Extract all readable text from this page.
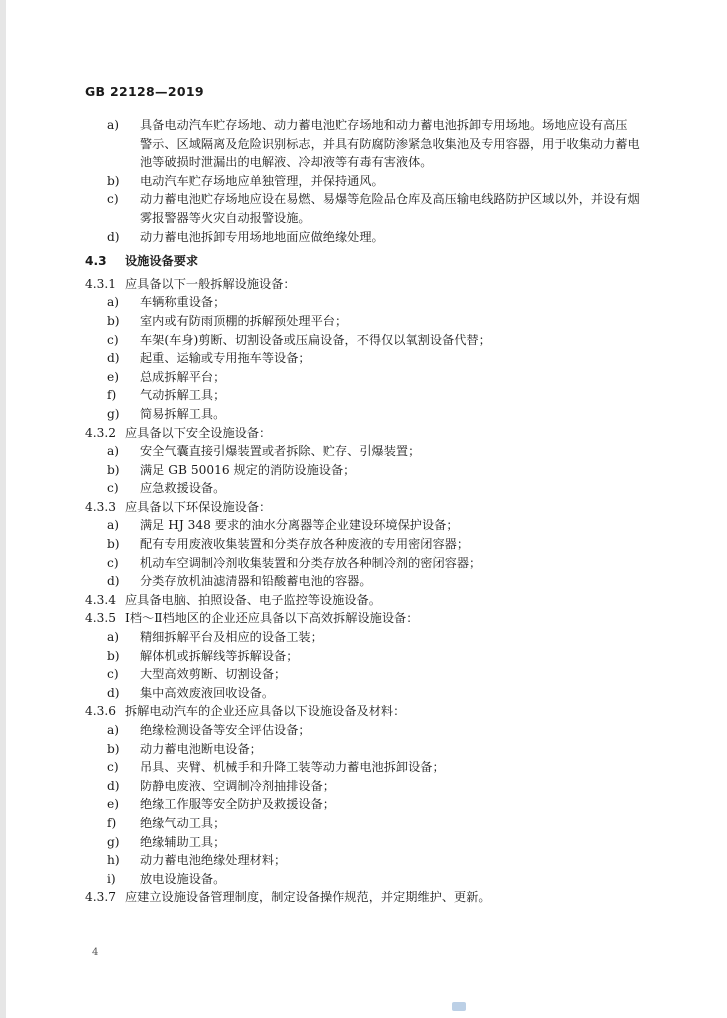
GB 22128—2019
a)	具备电动汽车贮存场地、动力蓄电池贮存场地和动力蓄电池拆卸专用场地。场地应设有高压
警示、区域隔离及危险识别标志，并具有防腐防渗紧急收集池及专用容器，用于收集动力蓄电
池等破损时泄漏出的电解液、冷却液等有毒有害液体。
b)	电动汽车贮存场地应单独管理，并保持通风。
c)	动力蓄电池贮存场地应设在易燃、易爆等危险品仓库及高压输电线路防护区域以外，并设有烟
雾报警器等火灾自动报警设施。
d)	动力蓄电池拆卸专用场地地面应做绝缘处理。
4.3	设施设备要求
4.3.1 应具备以下一般拆解设施设备：
a)	车辆称重设备；
b)	室内或有防雨顶棚的拆解预处理平台；
c)	车架(车身)剪断、切割设备或压扁设备，不得仅以氧割设备代替；
d)	起重、运输或专用拖车等设备；
e)	总成拆解平台；
f)	气动拆解工具；
g)	简易拆解工具。
4.3.2 应具备以下安全设施设备：
a)	安全气囊直接引爆装置或者拆除、贮存、引爆装置；
b)	满足 GB 50016 规定的消防设施设备；
c)	应急救援设备。
4.3.3 应具备以下环保设施设备：
a)	满足 HJ 348 要求的油水分离器等企业建设环境保护设备；
b)	配有专用废液收集装置和分类存放各种废液的专用密闭容器；
c)	机动车空调制冷剂收集装置和分类存放各种制冷剂的密闭容器；
d)	分类存放机油滤清器和铅酸蓄电池的容器。
4.3.4 应具备电脑、拍照设备、电子监控等设施设备。
4.3.5 Ⅰ档～Ⅱ档地区的企业还应具备以下高效拆解设施设备：
a)	精细拆解平台及相应的设备工装；
b)	解体机或拆解线等拆解设备；
c)	大型高效剪断、切割设备；
d)	集中高效废液回收设备。
4.3.6 拆解电动汽车的企业还应具备以下设施设备及材料：
a)	绝缘检测设备等安全评估设备；
b)	动力蓄电池断电设备；
c)	吊具、夹臂、机械手和升降工装等动力蓄电池拆卸设备；
d)	防静电废液、空调制冷剂抽排设备；
e)	绝缘工作服等安全防护及救援设备；
f)	绝缘气动工具；
g)	绝缘辅助工具；
h)	动力蓄电池绝缘处理材料；
i)	放电设施设备。
4.3.7 应建立设施设备管理制度，制定设备操作规范，并定期维护、更新。
4
